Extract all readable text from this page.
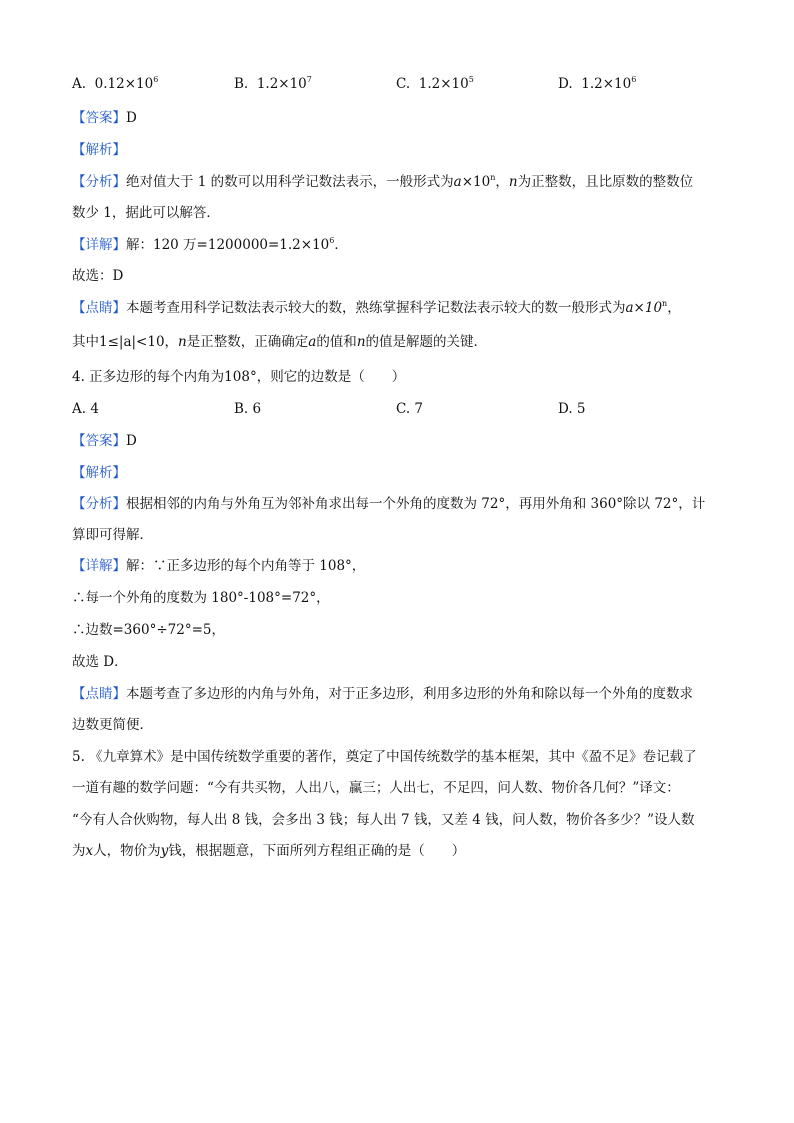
A. $0.12\times 10^6$	B. $1.2\times 10^7$	C. $1.2\times 10^5$	D. $1.2\times 10^6$
【答案】D
【解析】
【分析】绝对值大于 1 的数可以用科学记数法表示，一般形式为$a\times 10^n$，n为正整数，且比原数的整数位
数少 1，据此可以解答．
【详解】解：120 万$=1200000=1.2\times 10^6$．
故选：D
【点睛】本题考查用科学记数法表示较大的数，熟练掌握科学记数法表示较大的数一般形式为$a\times 10^n$，
其中1≤|a|<10，n是正整数，正确确定a的值和n的值是解题的关键．
4. 正多边形的每个内角为108°，则它的边数是（　　）
A. 4	B. 6	C. 7	D. 5
【答案】D
【解析】
【分析】根据相邻的内角与外角互为邻补角求出每一个外角的度数为 72°，再用外角和 360°除以 72°，计
算即可得解．
【详解】解：∵正多边形的每个内角等于 108°，
∴每一个外角的度数为 180°-108°=72°，
∴边数=360°÷72°=5，
故选 D．
【点睛】本题考查了多边形的内角与外角，对于正多边形，利用多边形的外角和除以每一个外角的度数求
边数更简便．
5. 《九章算术》是中国传统数学重要的著作，奠定了中国传统数学的基本框架，其中《盈不足》卷记载了
一道有趣的数学问题：“今有共买物，人出八，赢三；人出七，不足四，问人数、物价各几何？”译文：
“今有人合伙购物，每人出 8 钱，会多出 3 钱；每人出 7 钱，又差 4 钱，问人数，物价各多少？”设人数
为x人，物价为y钱，根据题意，下面所列方程组正确的是（　　）
